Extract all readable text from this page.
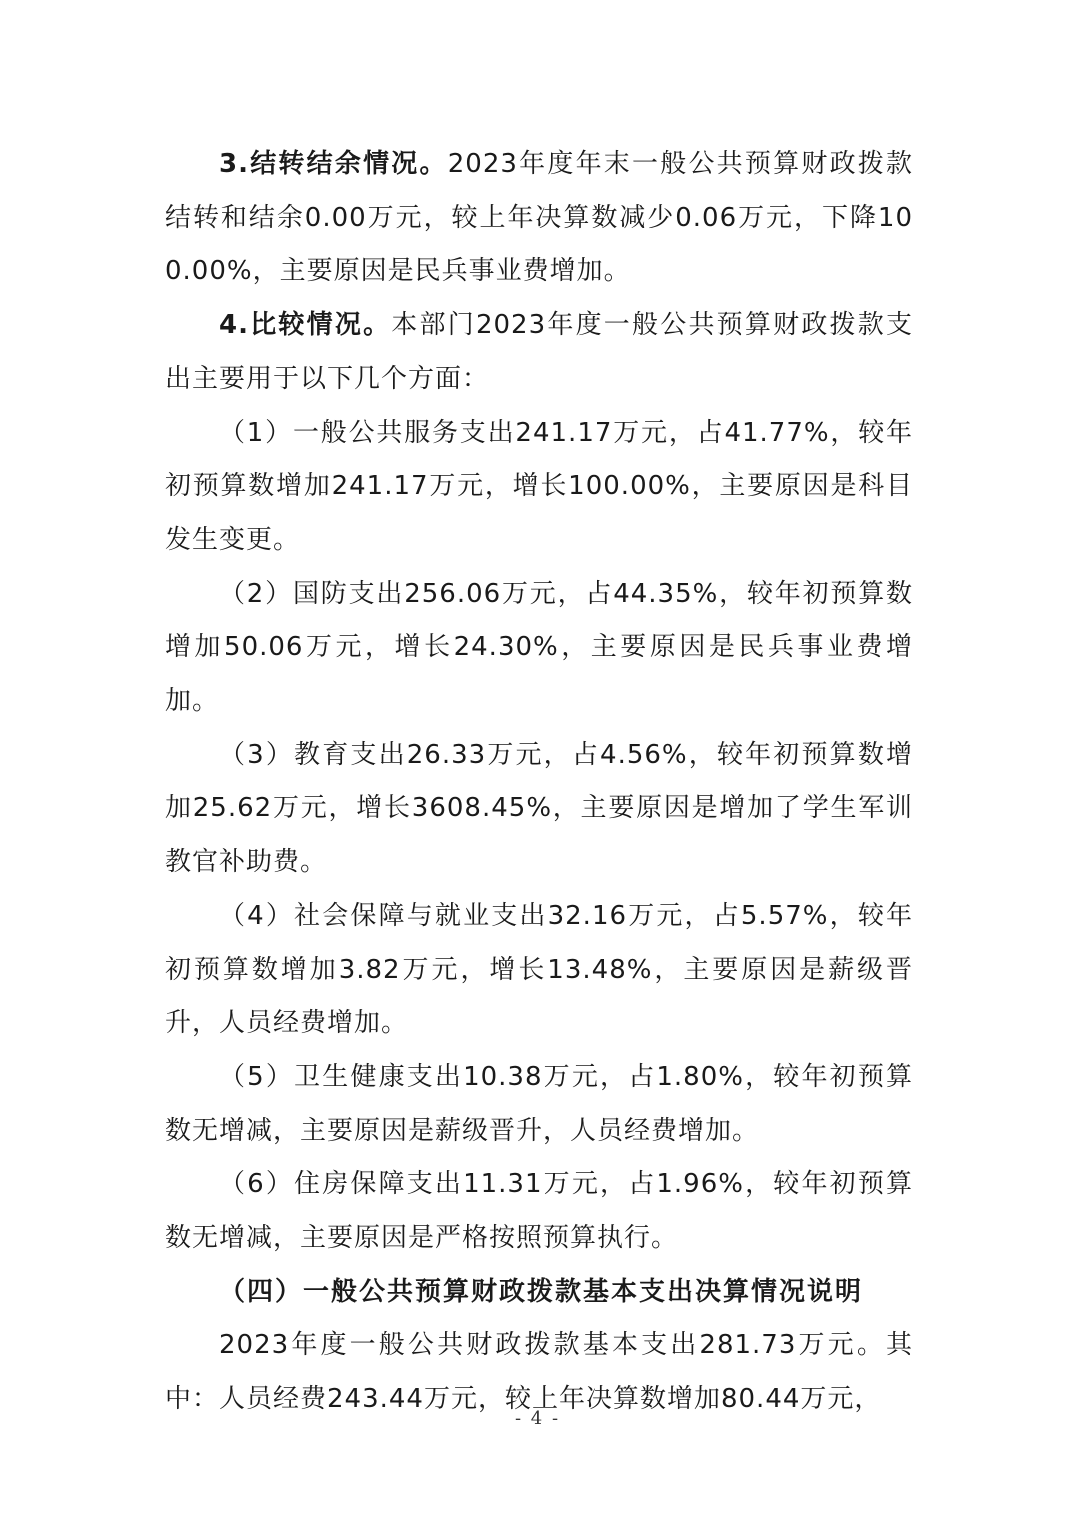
3.结转结余情况。2023年度年末一般公共预算财政拨款结转和结余0.00万元，较上年决算数减少0.06万元，下降100.00%，主要原因是民兵事业费增加。

4.比较情况。本部门2023年度一般公共预算财政拨款支出主要用于以下几个方面：

（1）一般公共服务支出241.17万元，占41.77%，较年初预算数增加241.17万元，增长100.00%，主要原因是科目发生变更。

（2）国防支出256.06万元，占44.35%，较年初预算数增加50.06万元，增长24.30%，主要原因是民兵事业费增加。

（3）教育支出26.33万元，占4.56%，较年初预算数增加25.62万元，增长3608.45%，主要原因是增加了学生军训教官补助费。

（4）社会保障与就业支出32.16万元，占5.57%，较年初预算数增加3.82万元，增长13.48%，主要原因是薪级晋升，人员经费增加。

（5）卫生健康支出10.38万元，占1.80%，较年初预算数无增减，主要原因是薪级晋升，人员经费增加。

（6）住房保障支出11.31万元，占1.96%，较年初预算数无增减，主要原因是严格按照预算执行。

（四）一般公共预算财政拨款基本支出决算情况说明

2023年度一般公共财政拨款基本支出281.73万元。其中：人员经费243.44万元，较上年决算数增加80.44万元，

- 4 -
